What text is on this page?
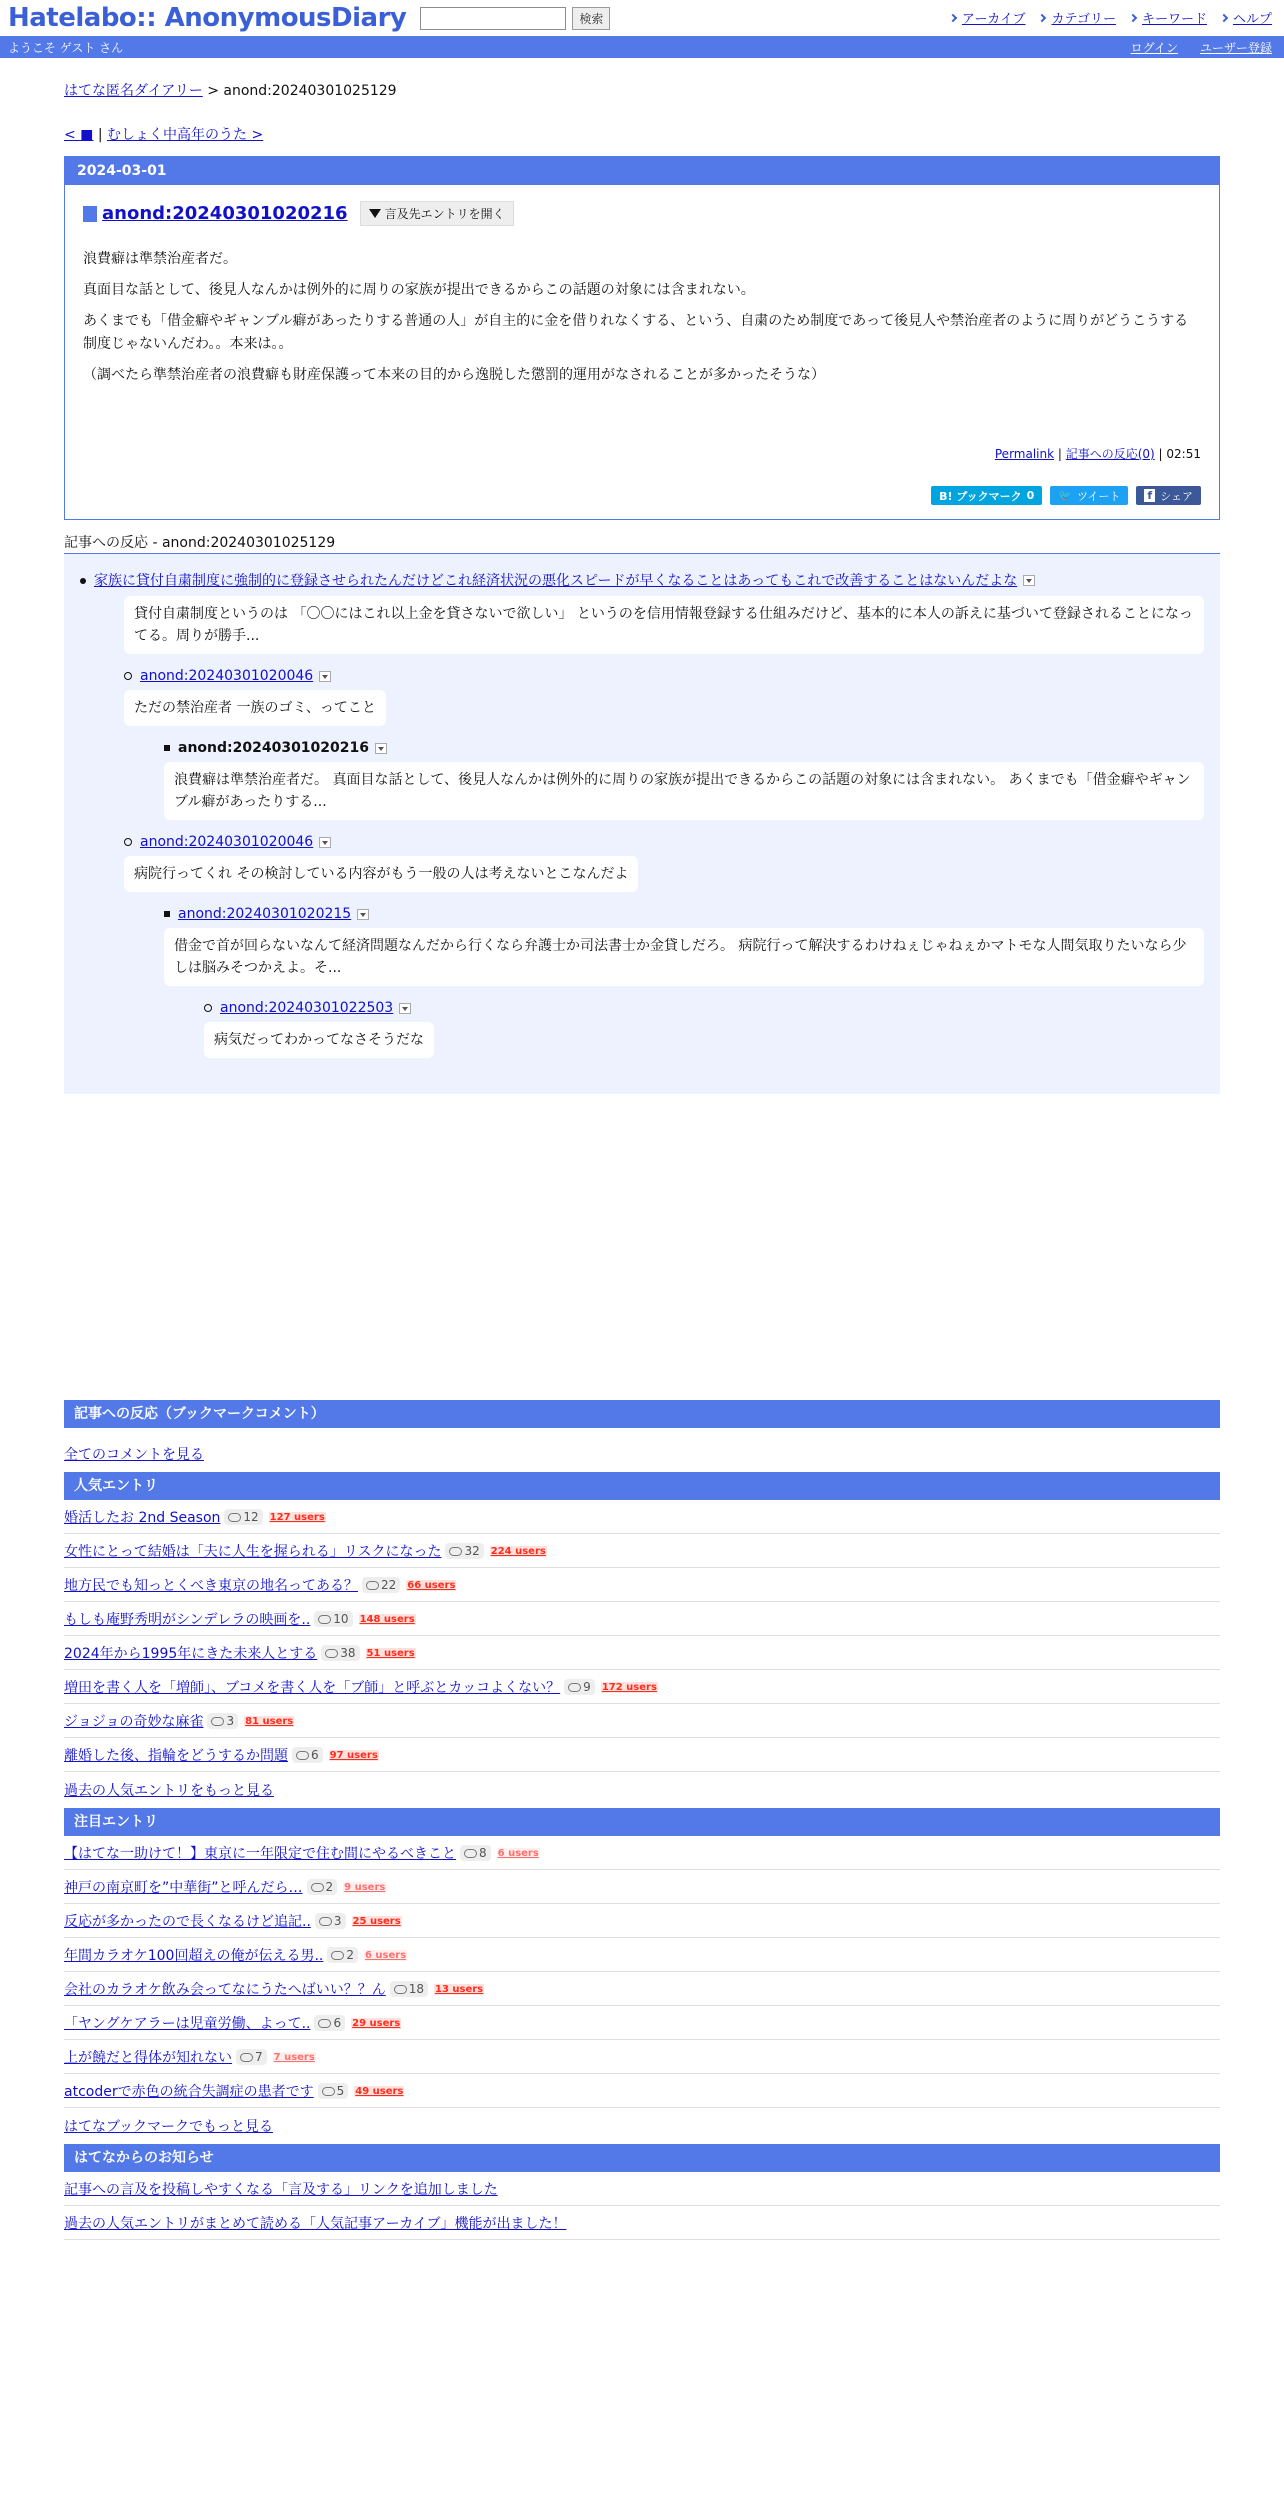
Hatelabo:: AnonymousDiary	検索	アーカイブ カテゴリー キーワード ヘルプ
ようこそ ゲスト さん	ログイン ユーザー登録
はてな匿名ダイアリー > anond:20240301025129
< ■ | むしょく中高年のうた >
2024-03-01
anond:20240301020216	言及先エントリを開く

浪費癖は準禁治産者だ。

真面目な話として、後見人なんかは例外的に周りの家族が提出できるからこの話題の対象には含まれない。

あくまでも「借金癖やギャンブル癖があったりする普通の人」が自主的に金を借りれなくする、という、自粛のため制度であって後見人や禁治産者のように周りがどうこうする制度じゃないんだわ。。本来は。。

（調べたら準禁治産者の浪費癖も財産保護って本来の目的から逸脱した懲罰的運用がなされることが多かったそうな）

Permalink | 記事への反応(0) | 02:51
B! ブックマーク 0 🐦 ツイート f シェア
記事への反応 - anond:20240301025129
家族に貸付自粛制度に強制的に登録させられたんだけどこれ経済状況の悪化スピードが早くなることはあってもこれで改善することはないんだよな
貸付自粛制度というのは 「〇〇にはこれ以上金を貸さないで欲しい」 というのを信用情報登録する仕組みだけど、基本的に本人の訴えに基づいて登録されることになってる。周りが勝手...
anond:20240301020046
ただの禁治産者 一族のゴミ、ってこと
anond:20240301020216
浪費癖は準禁治産者だ。 真面目な話として、後見人なんかは例外的に周りの家族が提出できるからこの話題の対象には含まれない。 あくまでも「借金癖やギャンブル癖があったりする...
anond:20240301020046
病院行ってくれ その検討している内容がもう一般の人は考えないとこなんだよ
anond:20240301020215
借金で首が回らないなんて経済問題なんだから行くなら弁護士か司法書士か金貸しだろ。 病院行って解決するわけねぇじゃねぇかマトモな人間気取りたいなら少しは脳みそつかえよ。そ...
anond:20240301022503
病気だってわかってなさそうだな
記事への反応（ブックマークコメント）
全てのコメントを見る
人気エントリ
婚活したお 2nd Season 12 127 users
女性にとって結婚は「夫に人生を握られる」リスクになった 32 224 users
地方民でも知っとくべき東京の地名ってある？ 22 66 users
もしも庵野秀明がシンデレラの映画を.. 10 148 users
2024年から1995年にきた未来人とする 38 51 users
増田を書く人を「増師」、ブコメを書く人を「ブ師」と呼ぶとカッコよくない？ 9 172 users
ジョジョの奇妙な麻雀 3 81 users
離婚した後、指輪をどうするか問題 6 97 users
過去の人気エントリをもっと見る
注目エントリ
【はてな一助けて！】東京に一年限定で住む間にやるべきこと 8 6 users
神戸の南京町を”中華街”と呼んだら… 2 9 users
反応が多かったので長くなるけど追記.. 3 25 users
年間カラオケ100回超えの俺が伝える男.. 2 6 users
会社のカラオケ飲み会ってなにうたへばいい？？ん 18 13 users
「ヤングケアラーは児童労働、よって.. 6 29 users
上が饒だと得体が知れない 7 7 users
atcoderで赤色の統合失調症の患者です 5 49 users
はてなブックマークでもっと見る
はてなからのお知らせ
記事への言及を投稿しやすくなる「言及する」リンクを追加しました
過去の人気エントリがまとめて読める「人気記事アーカイブ」機能が出ました！
